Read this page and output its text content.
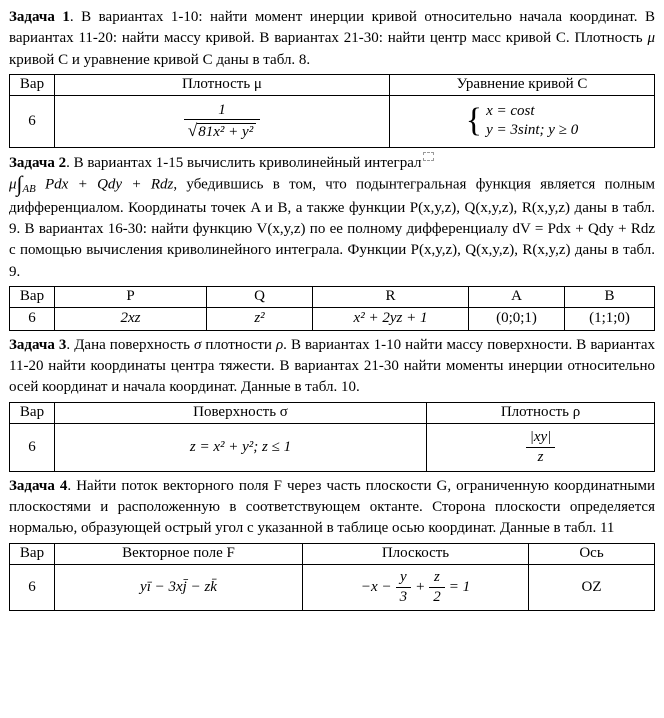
Задача 1. В вариантах 1-10: найти момент инерции кривой относительно начала координат. В вариантах 11-20: найти массу кривой. В вариантах 21-30: найти центр масс кривой С. Плотность μ кривой С и уравнение кривой С даны в табл. 8.

Вар	Плотность μ	Уравнение кривой С
6	$\frac{1}{\text{√81x² + y²}}$	{ x = cost
y = 3sint; y ≥ 0

Задача 2. В вариантах 1-15 вычислить криволинейный интеграл
$\mu\int_{AB}$ Pdx + Qdy + Rdz, убедившись в том, что подынтегральная функция является полным дифференциалом. Координаты точек A и B, а также функции P(x,y,z), Q(x,y,z), R(x,y,z) даны в табл. 9. В вариантах 16-30: найти функцию V(x,y,z) по ее полному дифференциалу dV = Pdx + Qdy + Rdz с помощью вычисления криволинейного интеграла. Функции P(x,y,z), Q(x,y,z), R(x,y,z) даны в табл. 9.

Вар	P	Q	R	A	B
6	2xz	z²	x² + 2yz + 1	(0;0;1)	(1;1;0)

Задача 3. Дана поверхность σ плотности ρ. В вариантах 1-10 найти массу поверхности. В вариантах 11-20 найти координаты центра тяжести. В вариантах 21-30 найти моменты инерции относительно осей координат и начала координат. Данные в табл. 10.

Вар	Поверхность σ	Плотность ρ
6	z = x² + y²; z ≤ 1	$\frac{|xy|}{z}$

Задача 4. Найти поток векторного поля F через часть плоскости G, ограниченную координатными плоскостями и расположенную в соответствующем октанте. Сторона плоскости определяется нормалью, образующей острый угол с указанной в таблице осью координат. Данные в табл. 11

Вар	Векторное поле F	Плоскость	Ось
6	yī − 3xj̄ − zk̄	$-x - \frac{y}{3} + \frac{z}{2} = 1$	OZ
